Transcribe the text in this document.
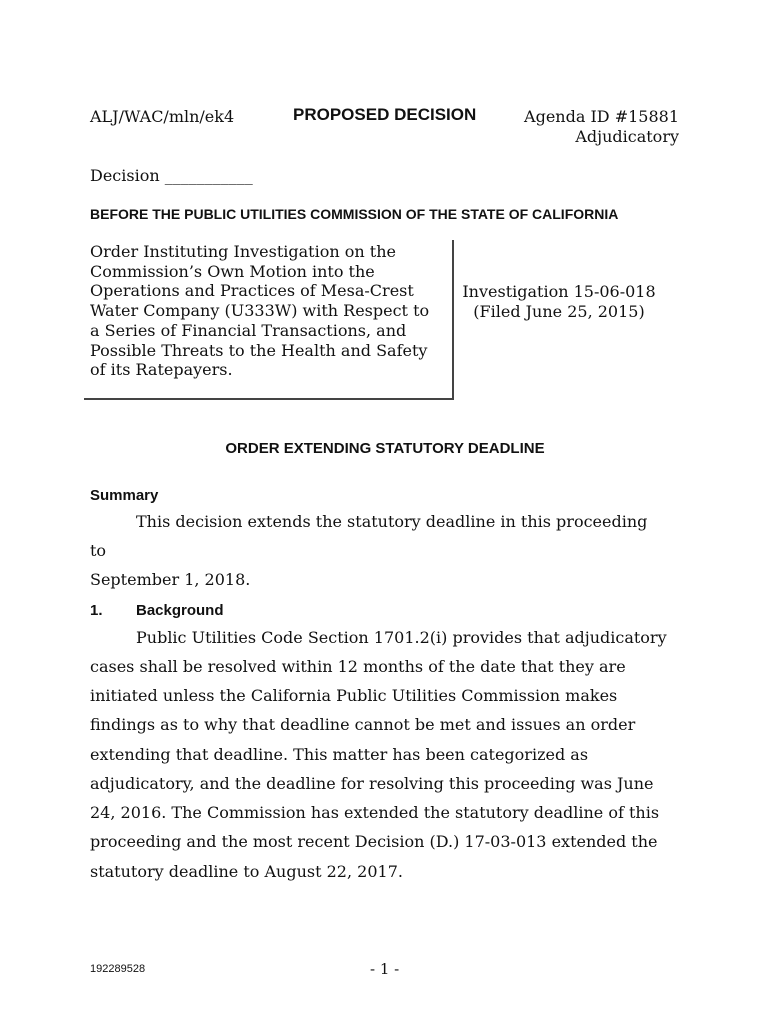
ALJ/WAC/mln/ek4	PROPOSED DECISION	Agenda ID #15881
Adjudicatory
Decision ___________
BEFORE THE PUBLIC UTILITIES COMMISSION OF THE STATE OF CALIFORNIA
Order Instituting Investigation on the
Commission’s Own Motion into the
Operations and Practices of Mesa-Crest
Water Company (U333W) with Respect to
a Series of Financial Transactions, and
Possible Threats to the Health and Safety
of its Ratepayers.
Investigation 15-06-018
(Filed June 25, 2015)
ORDER EXTENDING STATUTORY DEADLINE
Summary
This decision extends the statutory deadline in this proceeding
to
September 1, 2018.
1. Background
Public Utilities Code Section 1701.2(i) provides that adjudicatory
cases shall be resolved within 12 months of the date that they are
initiated unless the California Public Utilities Commission makes
findings as to why that deadline cannot be met and issues an order
extending that deadline. This matter has been categorized as
adjudicatory, and the deadline for resolving this proceeding was June
24, 2016. The Commission has extended the statutory deadline of this
proceeding and the most recent Decision (D.) 17-03-013 extended the
statutory deadline to August 22, 2017.
192289528	- 1 -
